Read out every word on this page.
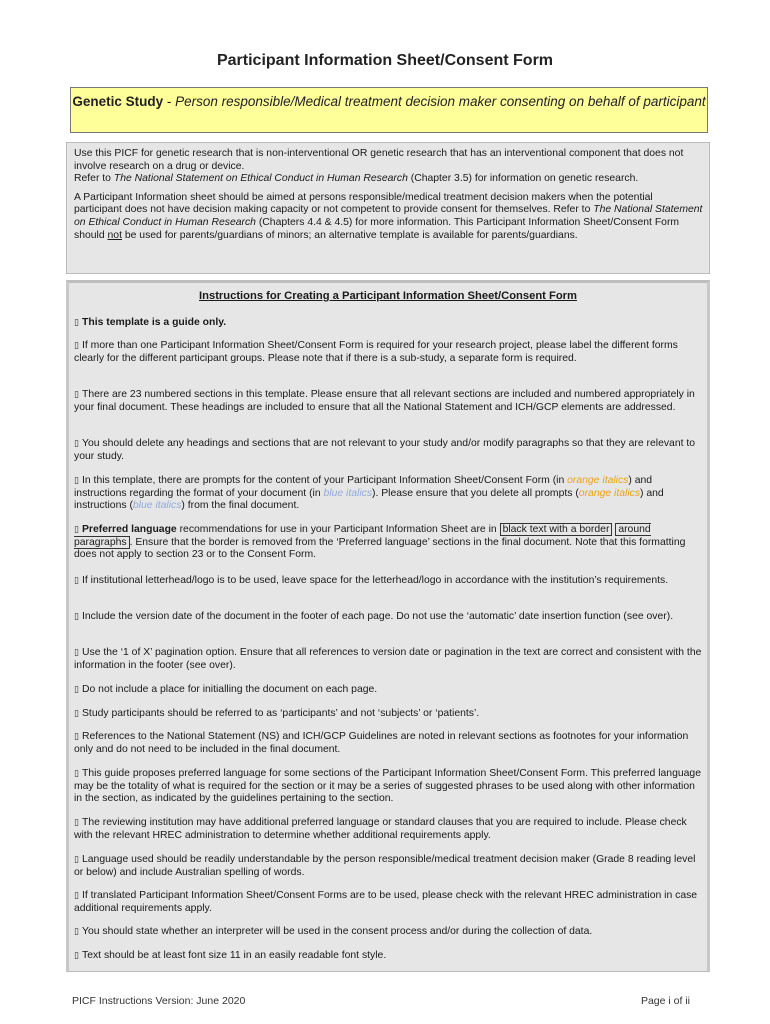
Participant Information Sheet/Consent Form
Genetic Study - Person responsible/Medical treatment decision maker consenting on behalf of participant

Use this PICF for genetic research that is non-interventional OR genetic research that has an interventional component that does not involve research on a drug or device.
Refer to The National Statement on Ethical Conduct in Human Research (Chapter 3.5) for information on genetic research.

A Participant Information sheet should be aimed at persons responsible/medical treatment decision makers when the potential participant does not have decision making capacity or not competent to provide consent for themselves. Refer to The National Statement on Ethical Conduct in Human Research (Chapters 4.4 & 4.5) for more information. This Participant Information Sheet/Consent Form should not be used for parents/guardians of minors; an alternative template is available for parents/guardians.

Instructions for Creating a Participant Information Sheet/Consent Form
▯ This template is a guide only.
▯ If more than one Participant Information Sheet/Consent Form is required for your research project, please label the different forms clearly for the different participant groups. Please note that if there is a sub-study, a separate form is required.
▯ There are 23 numbered sections in this template. Please ensure that all relevant sections are included and numbered appropriately in your final document. These headings are included to ensure that all the National Statement and ICH/GCP elements are addressed.
▯ You should delete any headings and sections that are not relevant to your study and/or modify paragraphs so that they are relevant to your study.
▯ In this template, there are prompts for the content of your Participant Information Sheet/Consent Form (in orange italics) and instructions regarding the format of your document (in blue italics). Please ensure that you delete all prompts (orange italics) and instructions (blue italics) from the final document.
▯ Preferred language recommendations for use in your Participant Information Sheet are in black text with a border around paragraphs . Ensure that the border is removed from the ‘Preferred language’ sections in the final document. Note that this formatting does not apply to section 23 or to the Consent Form.
▯ If institutional letterhead/logo is to be used, leave space for the letterhead/logo in accordance with the institution’s requirements.
▯ Include the version date of the document in the footer of each page. Do not use the ‘automatic’ date insertion function (see over).
▯ Use the ‘1 of X’ pagination option. Ensure that all references to version date or pagination in the text are correct and consistent with the information in the footer (see over).
▯ Do not include a place for initialling the document on each page.
▯ Study participants should be referred to as ‘participants’ and not ‘subjects’ or ‘patients’.
▯ References to the National Statement (NS) and ICH/GCP Guidelines are noted in relevant sections as footnotes for your information only and do not need to be included in the final document.
▯ This guide proposes preferred language for some sections of the Participant Information Sheet/Consent Form. This preferred language may be the totality of what is required for the section or it may be a series of suggested phrases to be used along with other information in the section, as indicated by the guidelines pertaining to the section.
▯ The reviewing institution may have additional preferred language or standard clauses that you are required to include. Please check with the relevant HREC administration to determine whether additional requirements apply.
▯ Language used should be readily understandable by the person responsible/medical treatment decision maker (Grade 8 reading level or below) and include Australian spelling of words.
▯ If translated Participant Information Sheet/Consent Forms are to be used, please check with the relevant HREC administration in case additional requirements apply.
▯ You should state whether an interpreter will be used in the consent process and/or during the collection of data.
▯ Text should be at least font size 11 in an easily readable font style.
PICF Instructions Version: June 2020	Page i of ii
